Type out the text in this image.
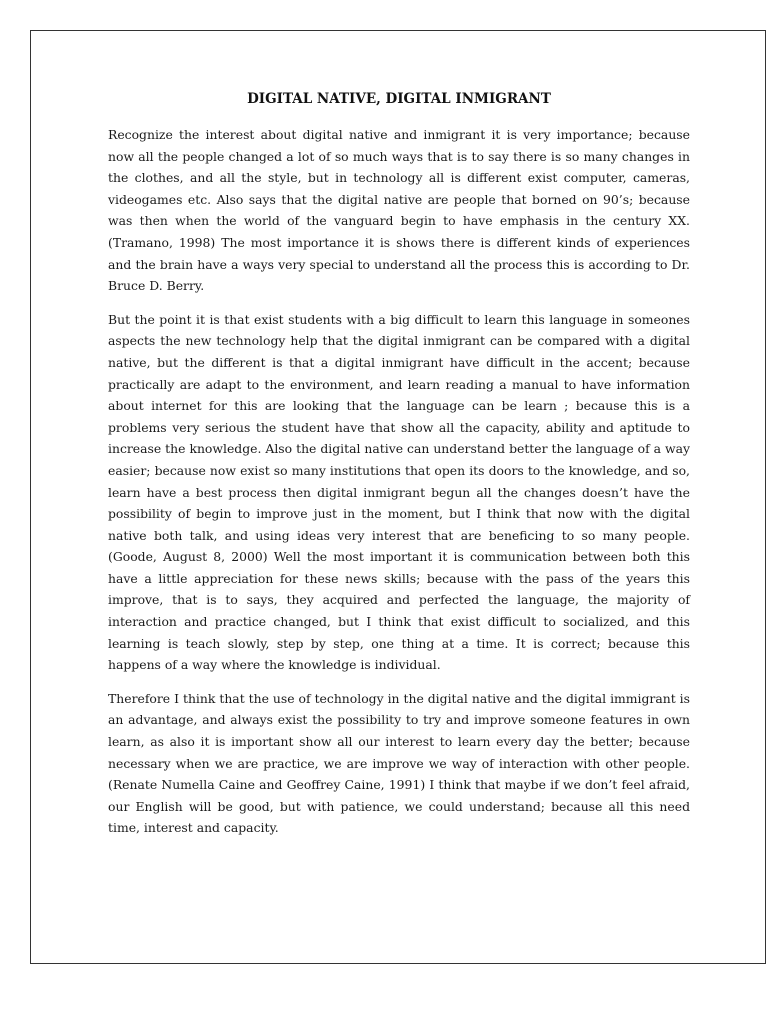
DIGITAL NATIVE, DIGITAL INMIGRANT

Recognize the interest about digital native and inmigrant it is very importance; because now all the people changed a lot of so much ways that is to say there is so many changes in the clothes, and all the style, but in technology all is different exist computer, cameras, videogames etc. Also says that the digital native are people that borned on 90’s; because was then when the world of the vanguard begin to have emphasis in the century XX. (Tramano, 1998) The most importance it is shows there is different kinds of experiences and the brain have a ways very special to understand all the process this is according to Dr. Bruce D. Berry.

But the point it is that exist students with a big difficult to learn this language in someones aspects the new technology help that the digital inmigrant can be compared with a digital native, but the different is that a digital inmigrant have difficult in the accent; because practically are adapt to the environment, and learn reading a manual to have information about internet for this are looking that the language can be learn ; because this is a problems very serious the student have that show all the capacity, ability and aptitude to increase the knowledge. Also the digital native can understand better the language of a way easier; because now exist so many institutions that open its doors to the knowledge, and so, learn have a best process then digital inmigrant begun all the changes doesn’t have the possibility of begin to improve just in the moment, but I think that now with the digital native both talk, and using ideas very interest that are beneficing to so many people. (Goode, August 8, 2000) Well the most important it is communication between both this have a little appreciation for these news skills; because with the pass of the years this improve, that is to says, they acquired and perfected the language, the majority of interaction and practice changed, but I think that exist difficult to socialized, and this learning is teach slowly, step by step, one thing at a time. It is correct; because this happens of a way where the knowledge is individual.

Therefore I think that the use of technology in the digital native and the digital immigrant is an advantage, and always exist the possibility to try and improve someone features in own learn, as also it is important show all our interest to learn every day the better; because necessary when we are practice, we are improve we way of interaction with other people. (Renate Numella Caine and Geoffrey Caine, 1991) I think that maybe if we don’t feel afraid, our English will be good, but with patience, we could understand; because all this need time, interest and capacity.
